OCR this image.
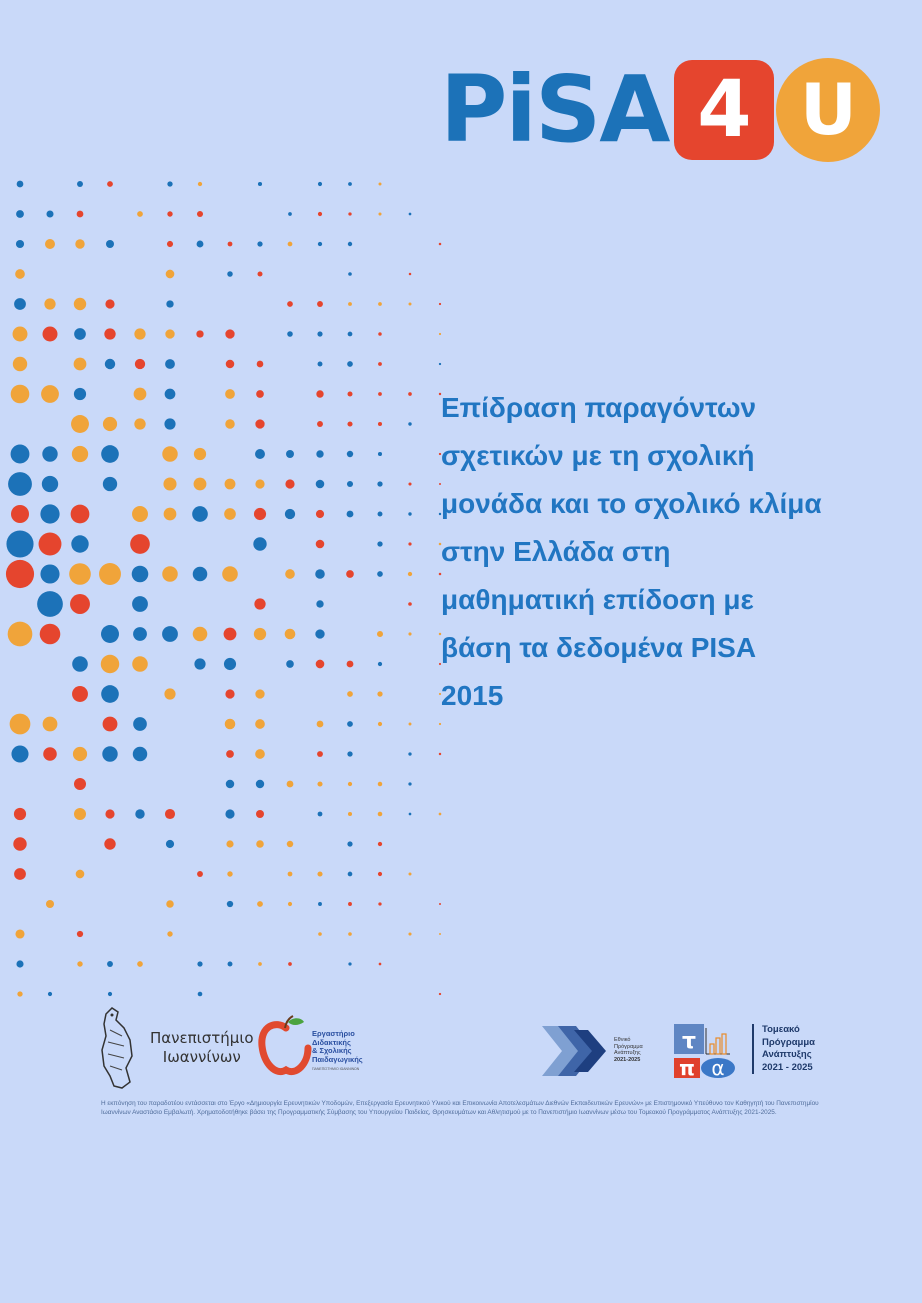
PiSA 4 U
Επίδραση παραγόντων
σχετικών με τη σχολική
μονάδα και το σχολικό κλίμα
στην Ελλάδα στη
μαθηματική επίδοση με
βάση τα δεδομένα PISA
2015
Πανεπιστήμιο
Ιωαννίνων
Εργαστήριο
Διδακτικής
& Σχολικής
Παιδαγωγικής
ΠΑΝΕΠΙΣΤΗΜΙΟ ΙΩΑΝΝΙΝΩΝ
Εθνικό
Πρόγραμμα
Ανάπτυξης
2021-2025
τ
π α
Τομεακό
Πρόγραμμα
Ανάπτυξης
2021 - 2025
Η εκπόνηση του παραδοτέου εντάσσεται στο Έργο «Δημιουργία Ερευνητικών Υποδομών, Επεξεργασία Ερευνητικού Υλικού και Επικοινωνία Αποτελεσμάτων Διεθνών Εκπαιδευτικών Ερευνών» με Επιστημονικό Υπεύθυνο τον Καθηγητή του Πανεπιστημίου Ιωαννίνων Αναστάσιο Εμβαλωτή. Χρηματοδοτήθηκε βάσει της Προγραμματικής Σύμβασης του Υπουργείου Παιδείας, Θρησκευμάτων και Αθλητισμού με το Πανεπιστήμιο Ιωαννίνων μέσω του Τομεακού Προγράμματος Ανάπτυξης 2021-2025.
